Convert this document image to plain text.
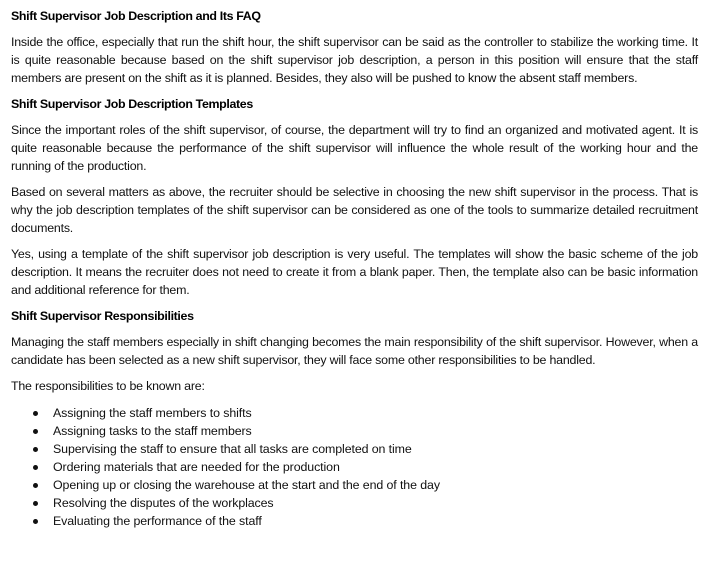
Shift Supervisor Job Description and Its FAQ

Inside the office, especially that run the shift hour, the shift supervisor can be said as the controller to stabilize the working time. It is quite reasonable because based on the shift supervisor job description, a person in this position will ensure that the staff members are present on the shift as it is planned. Besides, they also will be pushed to know the absent staff members.

Shift Supervisor Job Description Templates

Since the important roles of the shift supervisor, of course, the department will try to find an organized and motivated agent. It is quite reasonable because the performance of the shift supervisor will influence the whole result of the working hour and the running of the production.

Based on several matters as above, the recruiter should be selective in choosing the new shift supervisor in the process. That is why the job description templates of the shift supervisor can be considered as one of the tools to summarize detailed recruitment documents.

Yes, using a template of the shift supervisor job description is very useful. The templates will show the basic scheme of the job description. It means the recruiter does not need to create it from a blank paper. Then, the template also can be basic information and additional reference for them.

Shift Supervisor Responsibilities

Managing the staff members especially in shift changing becomes the main responsibility of the shift supervisor. However, when a candidate has been selected as a new shift supervisor, they will face some other responsibilities to be handled.

The responsibilities to be known are:

Assigning the staff members to shifts
Assigning tasks to the staff members
Supervising the staff to ensure that all tasks are completed on time
Ordering materials that are needed for the production
Opening up or closing the warehouse at the start and the end of the day
Resolving the disputes of the workplaces
Evaluating the performance of the staff
